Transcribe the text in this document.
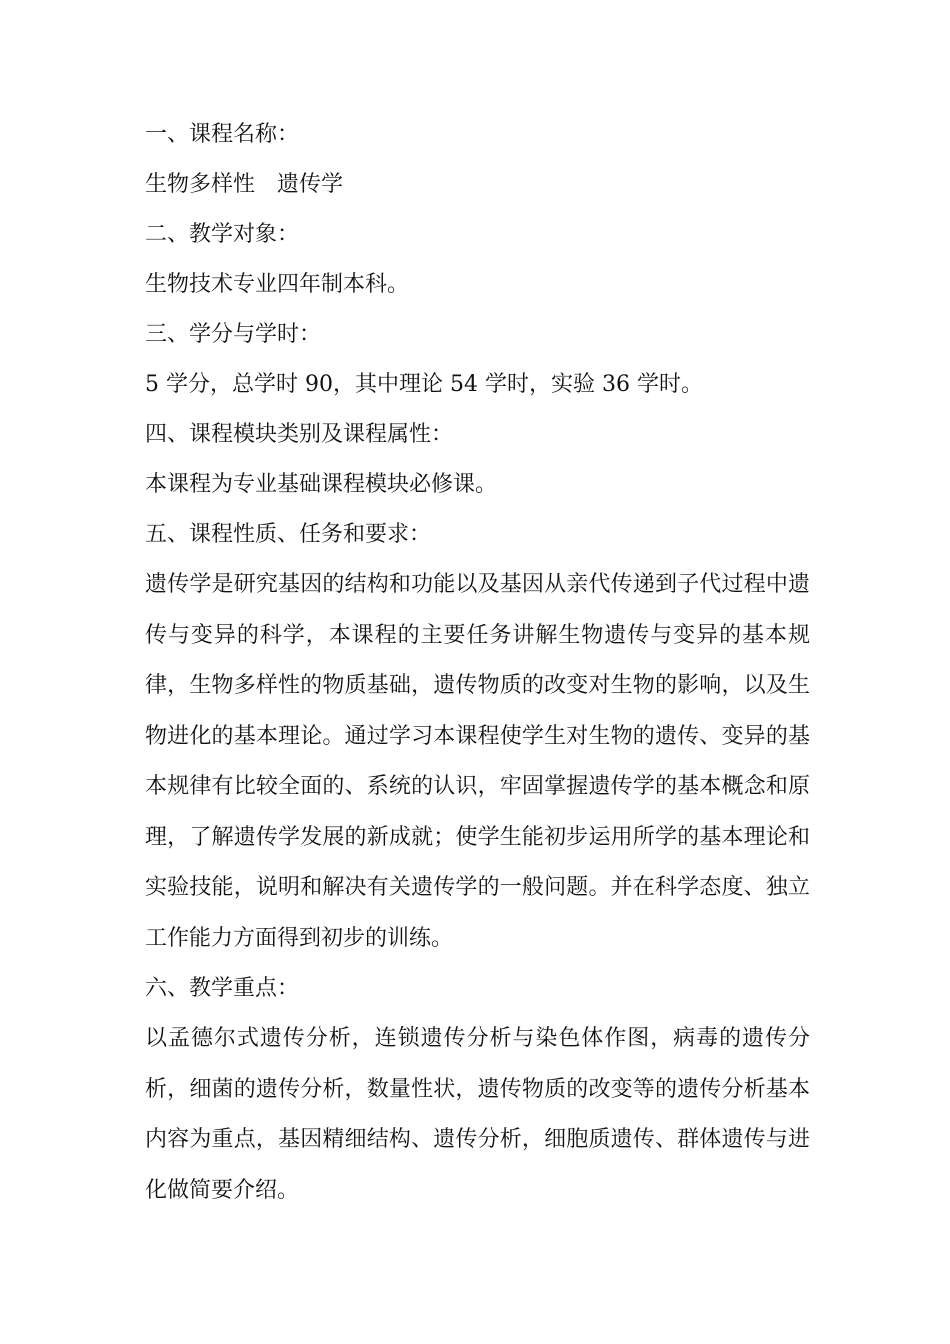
一、课程名称：
生物多样性　遗传学
二、教学对象：
生物技术专业四年制本科。
三、学分与学时：
5 学分，总学时 90，其中理论 54 学时，实验 36 学时。
四、课程模块类别及课程属性：
本课程为专业基础课程模块必修课。
五、课程性质、任务和要求：
遗传学是研究基因的结构和功能以及基因从亲代传递到子代过程中遗传与变异的科学，本课程的主要任务讲解生物遗传与变异的基本规律，生物多样性的物质基础，遗传物质的改变对生物的影响，以及生物进化的基本理论。通过学习本课程使学生对生物的遗传、变异的基本规律有比较全面的、系统的认识，牢固掌握遗传学的基本概念和原理，了解遗传学发展的新成就；使学生能初步运用所学的基本理论和实验技能，说明和解决有关遗传学的一般问题。并在科学态度、独立工作能力方面得到初步的训练。
六、教学重点：
以孟德尔式遗传分析，连锁遗传分析与染色体作图，病毒的遗传分析，细菌的遗传分析，数量性状，遗传物质的改变等的遗传分析基本内容为重点，基因精细结构、遗传分析，细胞质遗传、群体遗传与进化做简要介绍。
